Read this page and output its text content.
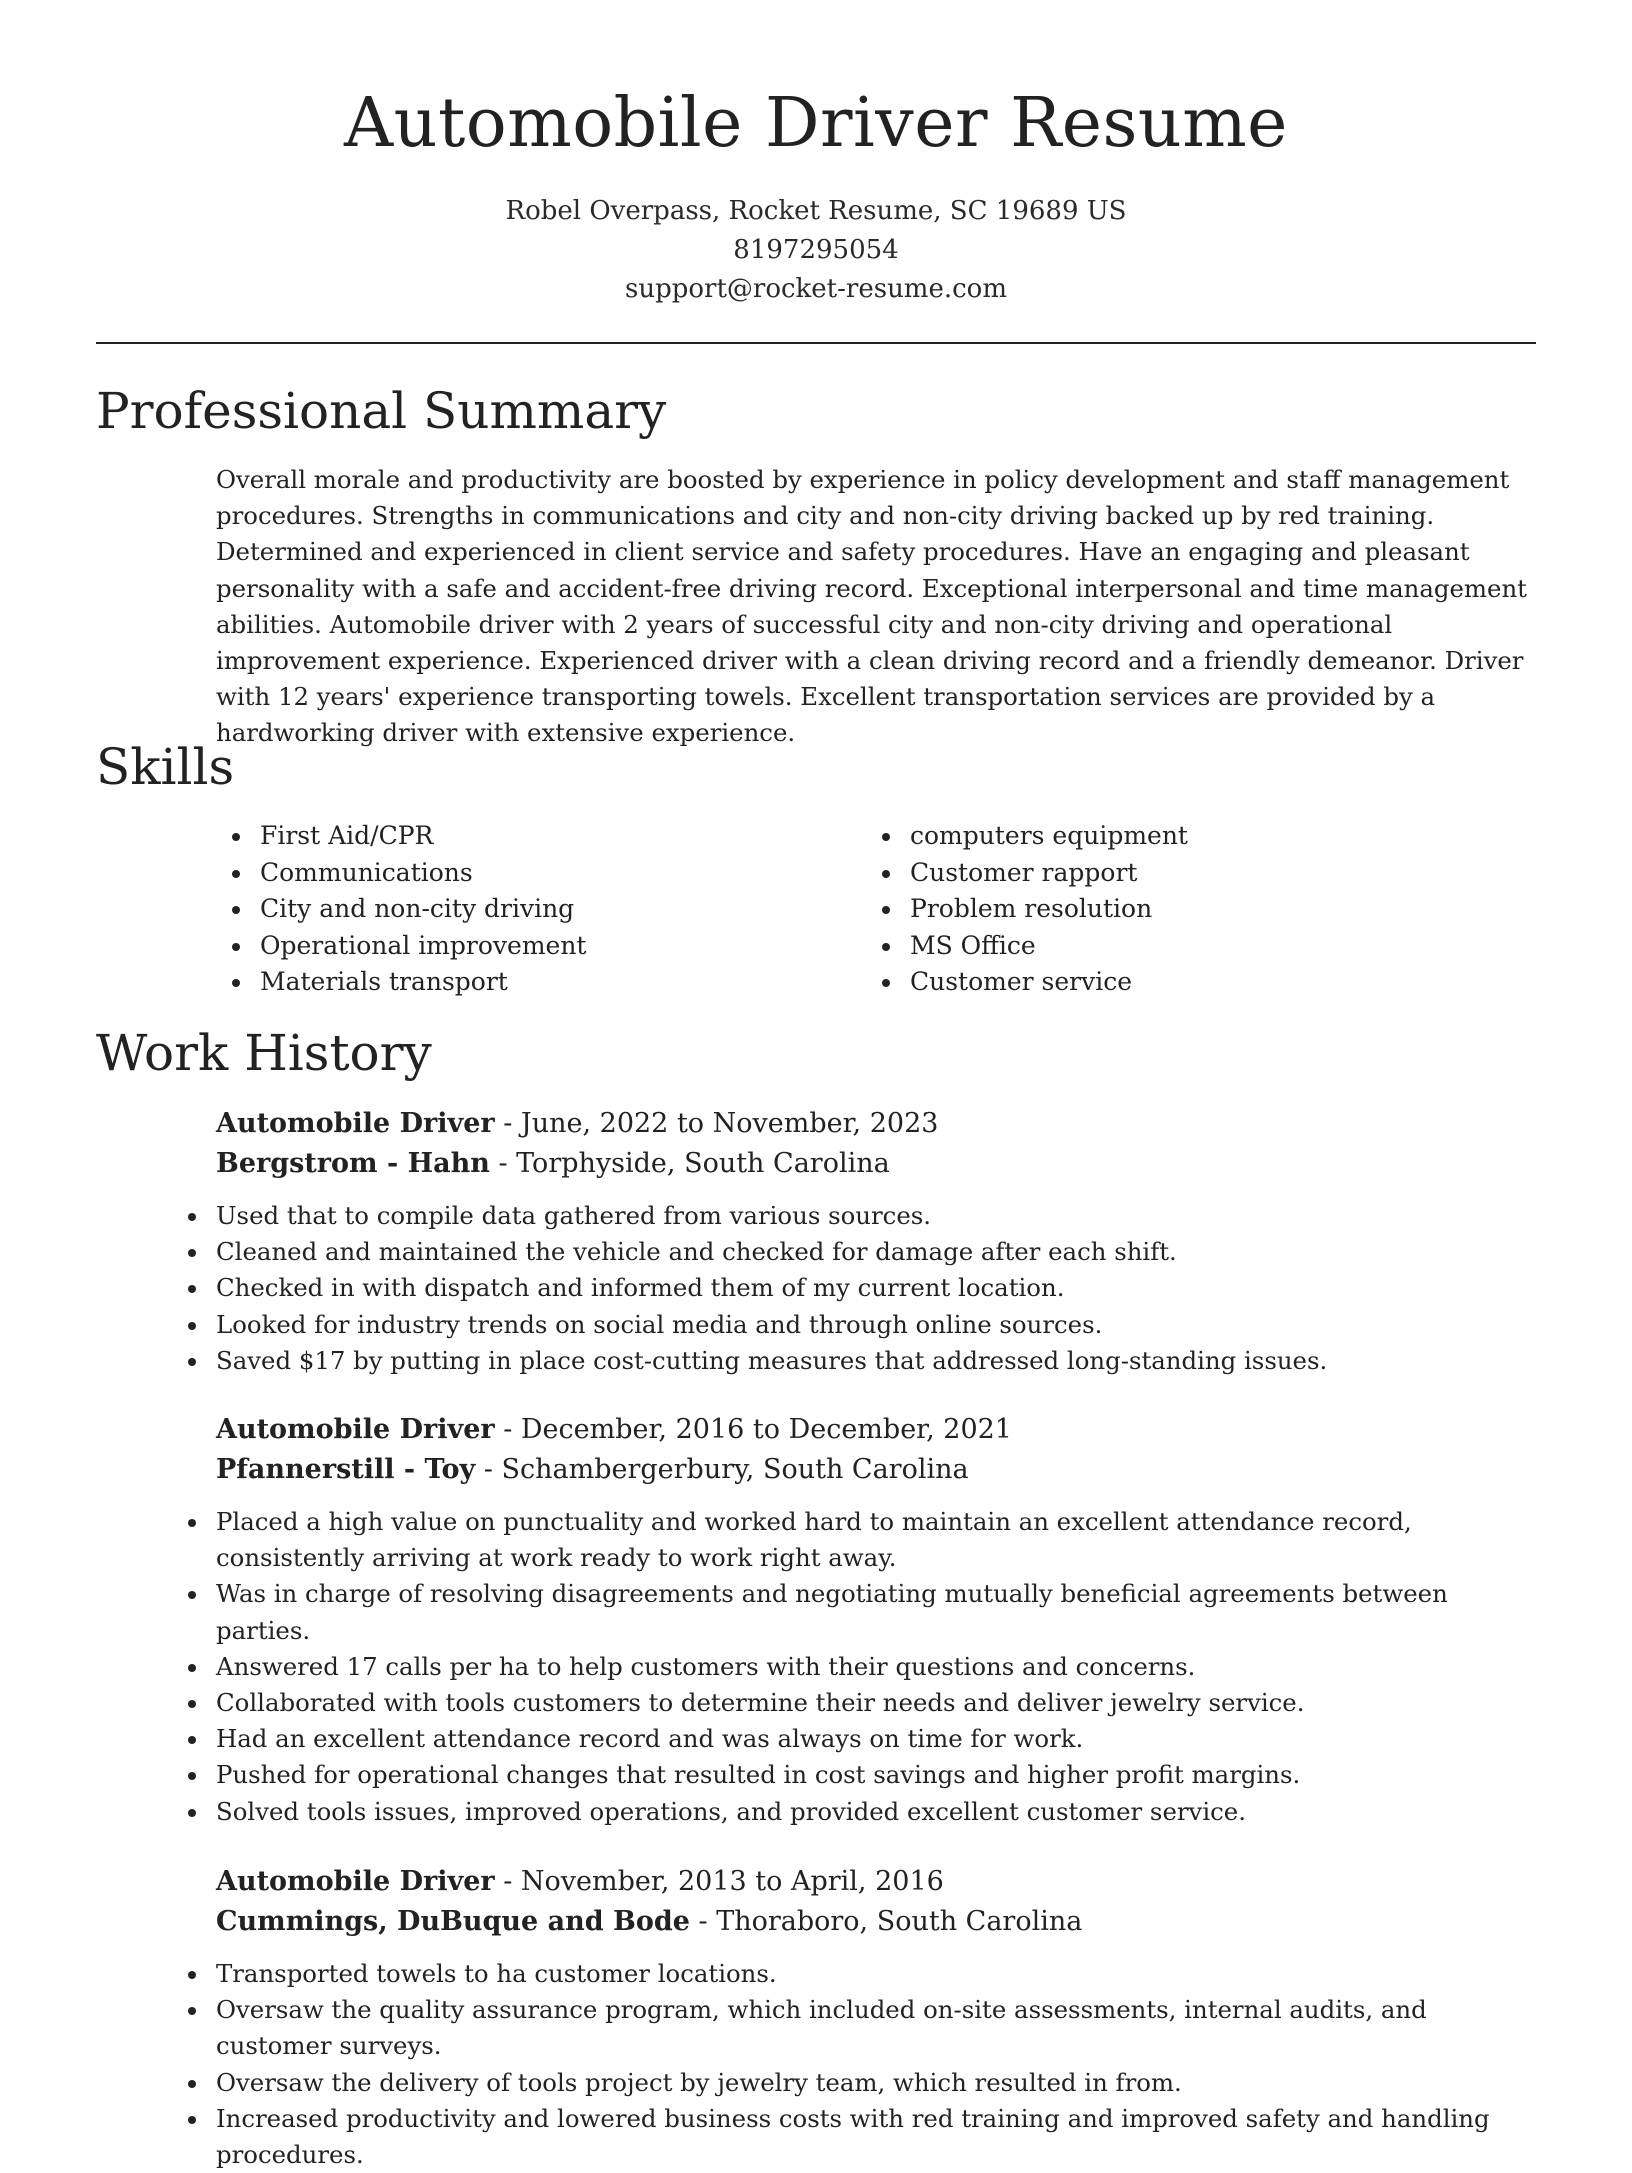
Automobile Driver Resume
Robel Overpass, Rocket Resume, SC 19689 US
8197295054
support@rocket-resume.com
Professional Summary

Overall morale and productivity are boosted by experience in policy development and staff management procedures. Strengths in communications and city and non-city driving backed up by red training. Determined and experienced in client service and safety procedures. Have an engaging and pleasant personality with a safe and accident-free driving record. Exceptional interpersonal and time management abilities. Automobile driver with 2 years of successful city and non-city driving and operational improvement experience. Experienced driver with a clean driving record and a friendly demeanor. Driver with 12 years' experience transporting towels. Excellent transportation services are provided by a hardworking driver with extensive experience.

Skills
First Aid/CPR
Communications
City and non-city driving
Operational improvement
Materials transport
computers equipment
Customer rapport
Problem resolution
MS Office
Customer service
Work History
Automobile Driver - June, 2022 to November, 2023
Bergstrom - Hahn - Torphyside, South Carolina
Used that to compile data gathered from various sources.
Cleaned and maintained the vehicle and checked for damage after each shift.
Checked in with dispatch and informed them of my current location.
Looked for industry trends on social media and through online sources.
Saved $17 by putting in place cost-cutting measures that addressed long-standing issues.
Automobile Driver - December, 2016 to December, 2021
Pfannerstill - Toy - Schambergerbury, South Carolina
Placed a high value on punctuality and worked hard to maintain an excellent attendance record, consistently arriving at work ready to work right away.
Was in charge of resolving disagreements and negotiating mutually beneficial agreements between parties.
Answered 17 calls per ha to help customers with their questions and concerns.
Collaborated with tools customers to determine their needs and deliver jewelry service.
Had an excellent attendance record and was always on time for work.
Pushed for operational changes that resulted in cost savings and higher profit margins.
Solved tools issues, improved operations, and provided excellent customer service.
Automobile Driver - November, 2013 to April, 2016
Cummings, DuBuque and Bode - Thoraboro, South Carolina
Transported towels to ha customer locations.
Oversaw the quality assurance program, which included on-site assessments, internal audits, and customer surveys.
Oversaw the delivery of tools project by jewelry team, which resulted in from.
Increased productivity and lowered business costs with red training and improved safety and handling procedures.
